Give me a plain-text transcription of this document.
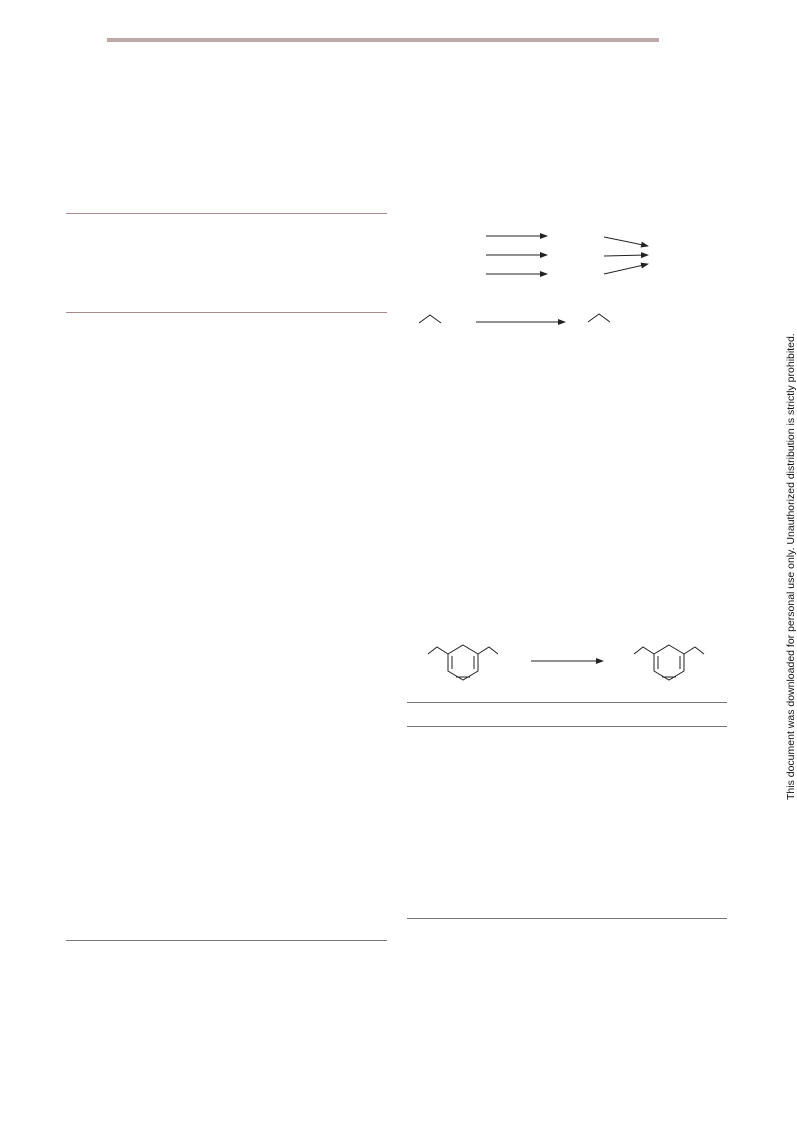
This document was downloaded for personal use only. Unauthorized distribution is strictly prohibited.
